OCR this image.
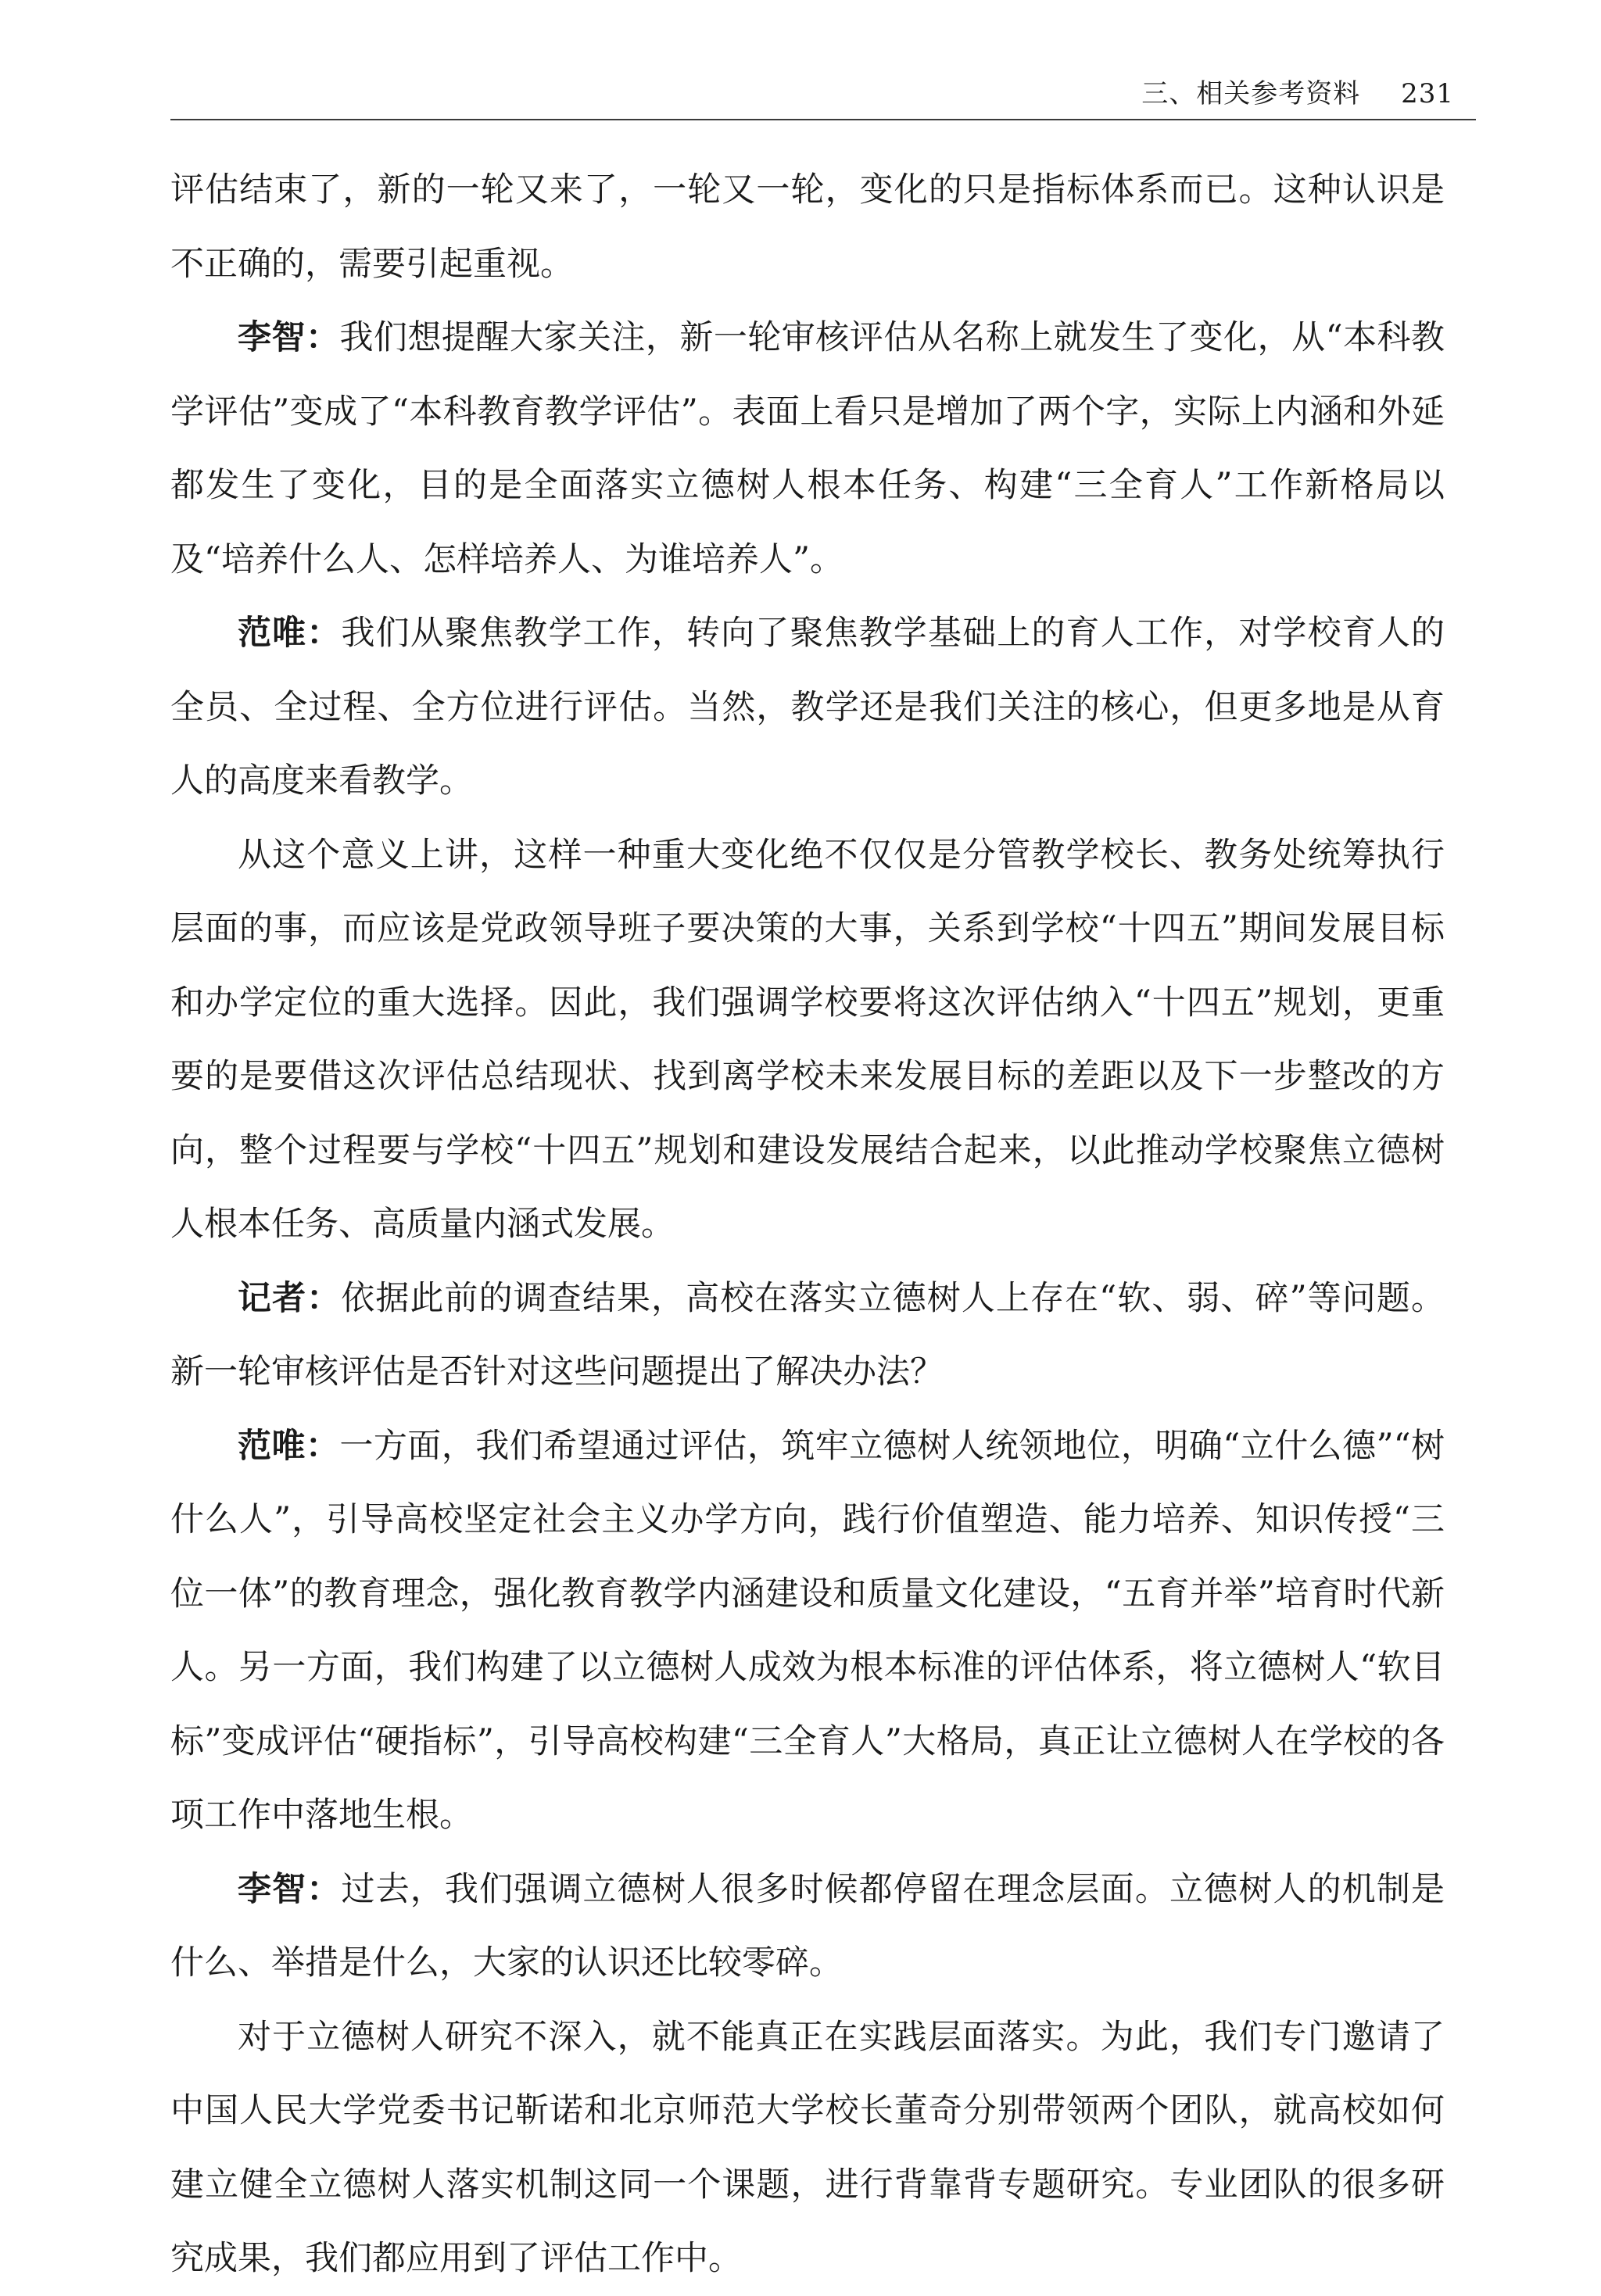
三、相关参考资料 231

评估结束了，新的一轮又来了，一轮又一轮，变化的只是指标体系而已。这种认识是不正确的，需要引起重视。

李智：我们想提醒大家关注，新一轮审核评估从名称上就发生了变化，从“本科教学评估”变成了“本科教育教学评估”。表面上看只是增加了两个字，实际上内涵和外延都发生了变化，目的是全面落实立德树人根本任务、构建“三全育人”工作新格局以及“培养什么人、怎样培养人、为谁培养人”。

范唯：我们从聚焦教学工作，转向了聚焦教学基础上的育人工作，对学校育人的全员、全过程、全方位进行评估。当然，教学还是我们关注的核心，但更多地是从育人的高度来看教学。

从这个意义上讲，这样一种重大变化绝不仅仅是分管教学校长、教务处统筹执行层面的事，而应该是党政领导班子要决策的大事，关系到学校“十四五”期间发展目标和办学定位的重大选择。因此，我们强调学校要将这次评估纳入“十四五”规划，更重要的是要借这次评估总结现状、找到离学校未来发展目标的差距以及下一步整改的方向，整个过程要与学校“十四五”规划和建设发展结合起来，以此推动学校聚焦立德树人根本任务、高质量内涵式发展。

记者：依据此前的调查结果，高校在落实立德树人上存在“软、弱、碎”等问题。新一轮审核评估是否针对这些问题提出了解决办法？

范唯：一方面，我们希望通过评估，筑牢立德树人统领地位，明确“立什么德”“树什么人”，引导高校坚定社会主义办学方向，践行价值塑造、能力培养、知识传授“三位一体”的教育理念，强化教育教学内涵建设和质量文化建设，“五育并举”培育时代新人。另一方面，我们构建了以立德树人成效为根本标准的评估体系，将立德树人“软目标”变成评估“硬指标”，引导高校构建“三全育人”大格局，真正让立德树人在学校的各项工作中落地生根。

李智：过去，我们强调立德树人很多时候都停留在理念层面。立德树人的机制是什么、举措是什么，大家的认识还比较零碎。

对于立德树人研究不深入，就不能真正在实践层面落实。为此，我们专门邀请了中国人民大学党委书记靳诺和北京师范大学校长董奇分别带领两个团队，就高校如何建立健全立德树人落实机制这同一个课题，进行背靠背专题研究。专业团队的很多研究成果，我们都应用到了评估工作中。
